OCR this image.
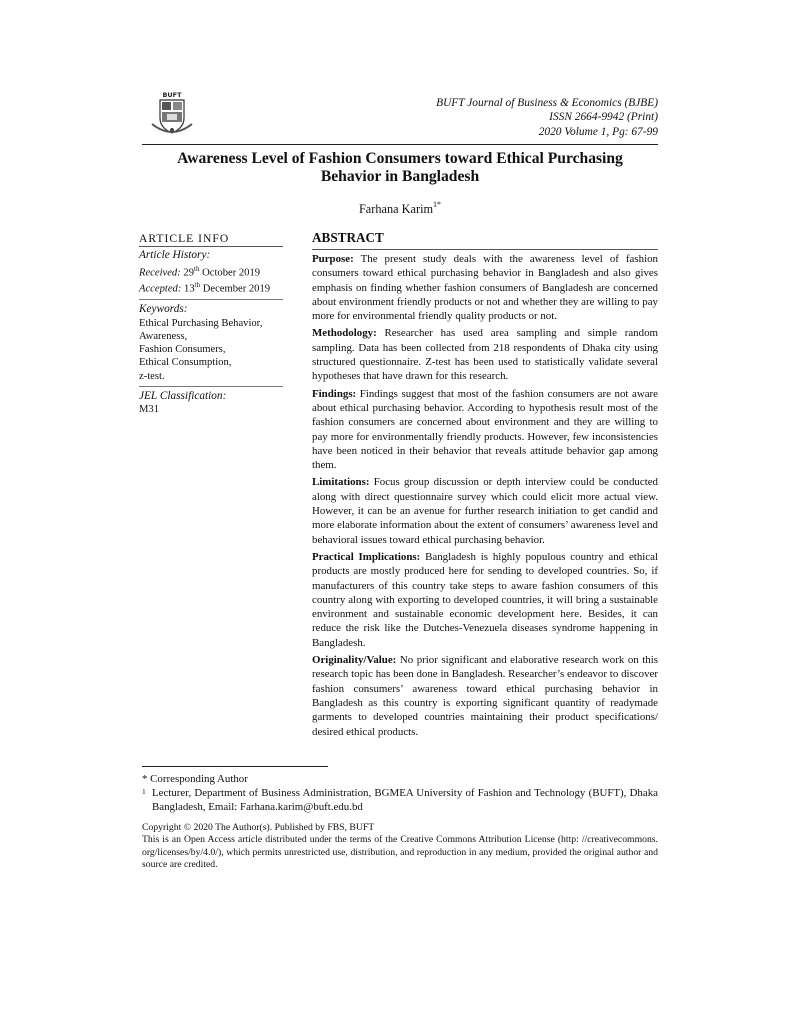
BUFT
BUFT Journal of Business & Economics (BJBE)
ISSN 2664-9942 (Print)
2020 Volume 1, Pg: 67-99
Awareness Level of Fashion Consumers toward Ethical Purchasing
Behavior in Bangladesh
Farhana Karim$^{1*}$
ARTICLE INFO
Article History:
Received: 29th October 2019
Accepted: 13th December 2019
Keywords:
Ethical Purchasing Behavior,
Awareness,
Fashion Consumers,
Ethical Consumption,
z-test.
JEL Classification:
M31
ABSTRACT

Purpose: The present study deals with the awareness level of fashion consumers toward ethical purchasing behavior in Bangladesh and also gives emphasis on finding whether fashion consumers of Bangladesh are concerned about environment friendly products or not and whether they are willing to pay more for environmental friendly quality products or not.

Methodology: Researcher has used area sampling and simple random sampling. Data has been collected from 218 respondents of Dhaka city using structured questionnaire. Z-test has been used to statistically validate several hypotheses that have drawn for this research.

Findings: Findings suggest that most of the fashion consumers are not aware about ethical purchasing behavior. According to hypothesis result most of the fashion consumers are concerned about environment and they are willing to pay more for environmentally friendly products. However, few inconsistencies have been noticed in their behavior that reveals attitude behavior gap among them.

Limitations: Focus group discussion or depth interview could be conducted along with direct questionnaire survey which could elicit more actual view. However, it can be an avenue for further research initiation to get candid and more elaborate information about the extent of consumers’ awareness level and behavioral issues toward ethical purchasing behavior.

Practical Implications: Bangladesh is highly populous country and ethical products are mostly produced here for sending to developed countries. So, if manufacturers of this country take steps to aware fashion consumers of this country along with exporting to developed countries, it will bring a sustainable environment and sustainable economic development here. Besides, it can reduce the risk like the Dutches-Venezuela diseases syndrome happening in Bangladesh.

Originality/Value: No prior significant and elaborative research work on this research topic has been done in Bangladesh. Researcher’s endeavor to discover fashion consumers’ awareness toward ethical purchasing behavior in Bangladesh as this country is exporting significant quantity of readymade garments to developed countries maintaining their product specifications/ desired ethical products.

* Corresponding Author
1 Lecturer, Department of Business Administration, BGMEA University of Fashion and Technology (BUFT), Dhaka Bangladesh, Email: Farhana.karim@buft.edu.bd
Copyright © 2020 The Author(s). Published by FBS, BUFT
This is an Open Access article distributed under the terms of the Creative Commons Attribution License (http: //creativecommons. org/licenses/by/4.0/), which permits unrestricted use, distribution, and reproduction in any medium, provided the original author and source are credited.
